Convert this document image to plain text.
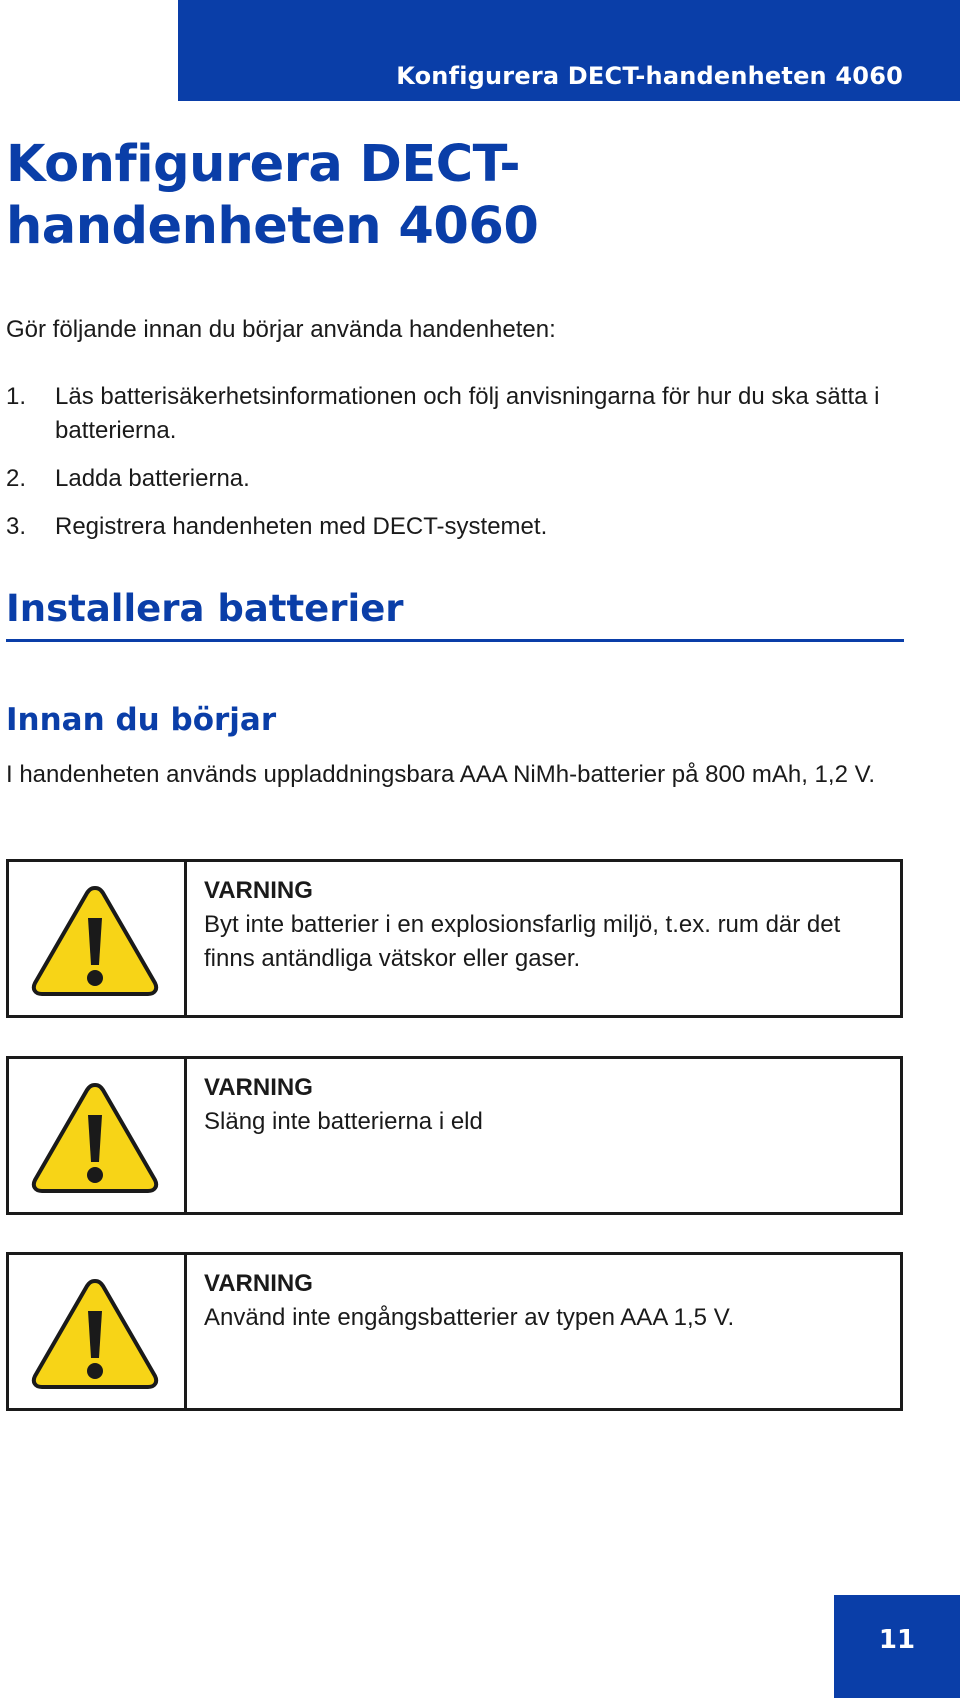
Konfigurera DECT-handenheten 4060
Konfigurera DECT-handenheten 4060

Gör följande innan du börjar använda handenheten:

1. Läs batterisäkerhetsinformationen och följ anvisningarna för hur du ska sätta i batterierna.
2. Ladda batterierna.
3. Registrera handenheten med DECT-systemet.
Installera batterier
Innan du börjar

I handenheten används uppladdningsbara AAA NiMh-batterier på 800 mAh, 1,2 V.

VARNING
Byt inte batterier i en explosionsfarlig miljö, t.ex. rum där det finns antändliga vätskor eller gaser.
VARNING
Släng inte batterierna i eld
VARNING
Använd inte engångsbatterier av typen AAA 1,5 V.
11
